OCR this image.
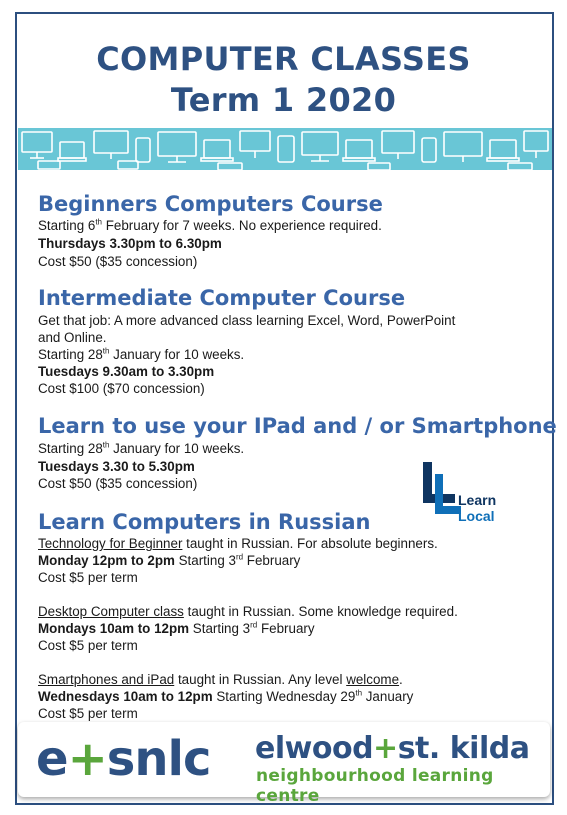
COMPUTER CLASSES
Term 1 2020
Beginners Computers Course
Starting 6th February for 7 weeks. No experience required.
Thursdays 3.30pm to 6.30pm
Cost $50 ($35 concession)
Intermediate Computer Course
Get that job: A more advanced class learning Excel, Word, PowerPoint
and Online.
Starting 28th January for 10 weeks.
Tuesdays 9.30am to 3.30pm
Cost $100 ($70 concession)
Learn to use your IPad and / or Smartphone
Starting 28th January for 10 weeks.
Tuesdays 3.30 to 5.30pm
Cost $50 ($35 concession)
Learn
Local
Learn Computers in Russian
Technology for Beginner taught in Russian. For absolute beginners.
Monday 12pm to 2pm Starting 3rd February
Cost $5 per term
Desktop Computer class taught in Russian. Some knowledge required.
Mondays 10am to 12pm Starting 3rd February
Cost $5 per term
Smartphones and iPad taught in Russian. Any level welcome.
Wednesdays 10am to 12pm Starting Wednesday 29th January
Cost $5 per term
e+snlc elwood+st. kilda
neighbourhood learning centre
